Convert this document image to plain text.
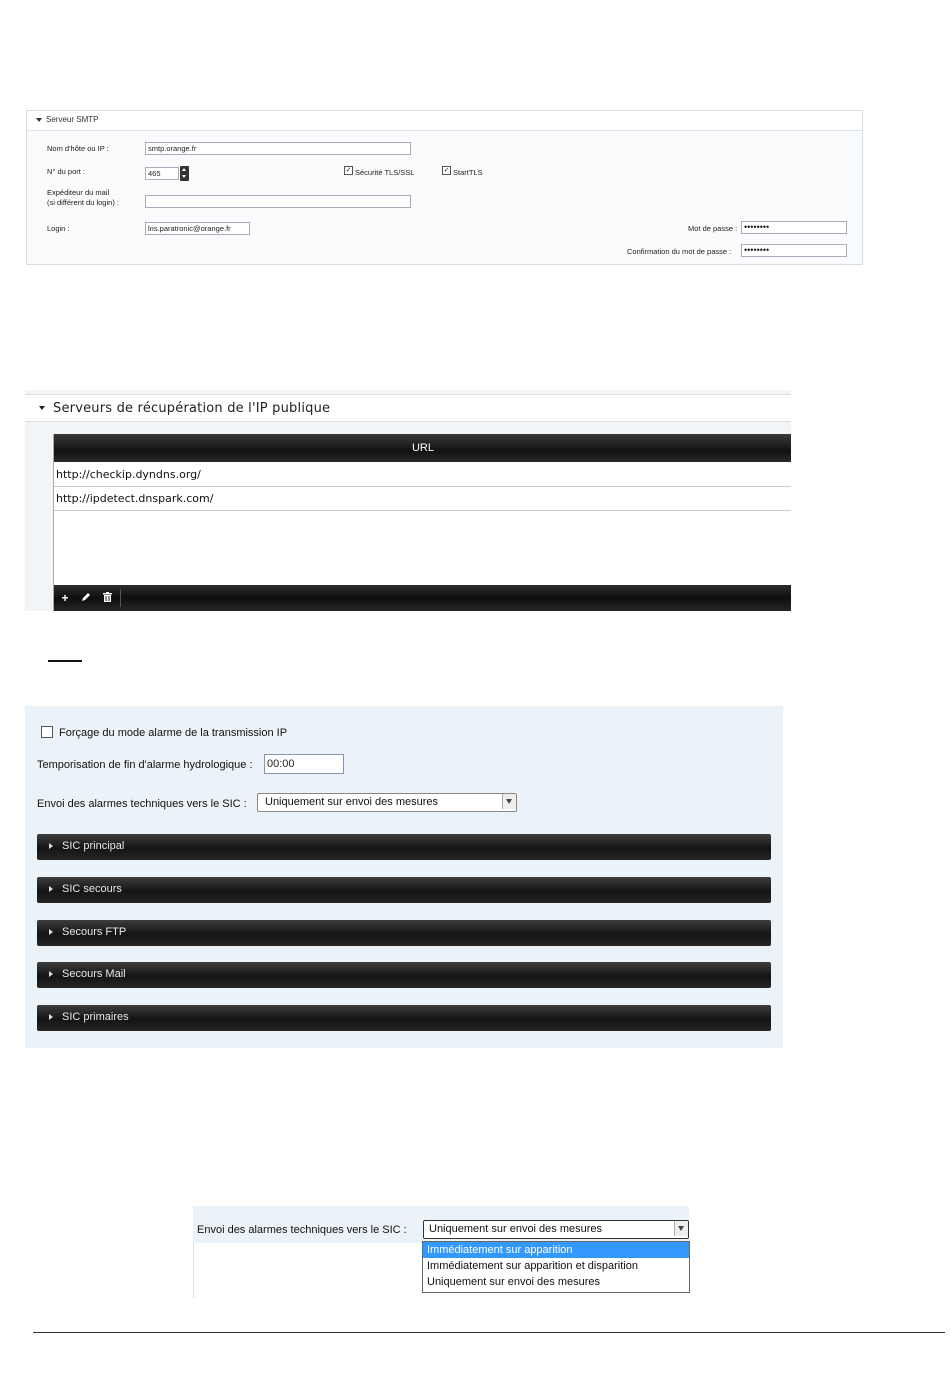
Serveur SMTP
Nom d'hôte ou IP :	smtp.orange.fr
N° du port :	465	✓ Sécurité TLS/SSL	✓ StartTLS
Expéditeur du mail
(si différent du login) :
Login :	lns.paratronic@orange.fr	Mot de passe : ••••••••
Confirmation du mot de passe :	••••••••
Serveurs de récupération de l'IP publique
URL
http://checkip.dyndns.org/
http://ipdetect.dnspark.com/
+
Forçage du mode alarme de la transmission IP
Temporisation de fin d'alarme hydrologique : 00:00
Envoi des alarmes techniques vers le SIC : Uniquement sur envoi des mesures
SIC principal
SIC secours
Secours FTP
Secours Mail
SIC primaires
Envoi des alarmes techniques vers le SIC : Uniquement sur envoi des mesures
Immédiatement sur apparition
Immédiatement sur apparition et disparition
Uniquement sur envoi des mesures
